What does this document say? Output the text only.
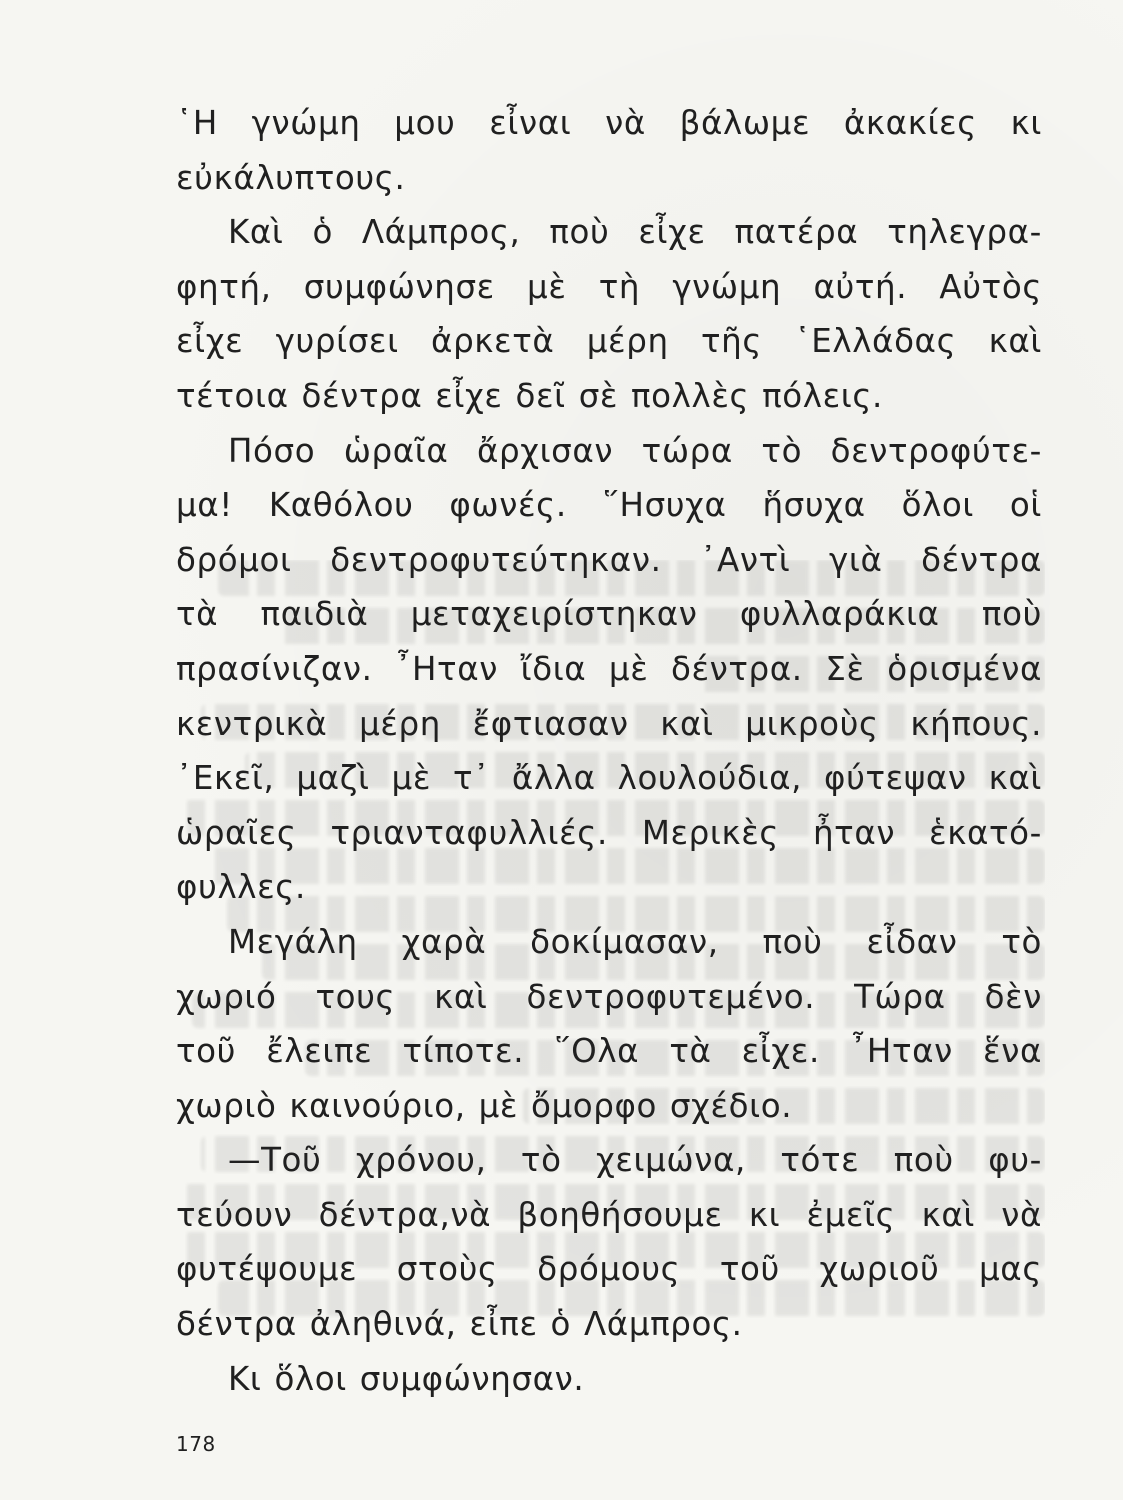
῾Η γνώμη μου εἶναι νὰ βάλωμε ἀκακίες κι
εὐκάλυπτους.
Καὶ ὁ Λάμπρος, ποὺ εἶχε πατέρα τηλεγρα-
φητή, συμφώνησε μὲ τὴ γνώμη αὐτή. Αὐτὸς
εἶχε γυρίσει ἀρκετὰ μέρη τῆς ῾Ελλάδας καὶ
τέτοια δέντρα εἶχε δεῖ σὲ πολλὲς πόλεις.
Πόσο ὡραῖα ἄρχισαν τώρα τὸ δεντροφύτε-
μα! Καθόλου φωνές. ῞Ησυχα ἥσυχα ὅλοι οἱ
δρόμοι δεντροφυτεύτηκαν. ᾿Αντὶ γιὰ δέντρα
τὰ παιδιὰ μεταχειρίστηκαν φυλλαράκια ποὺ
πρασίνιζαν. ῏Ηταν ἴδια μὲ δέντρα. Σὲ ὁρισμένα
κεντρικὰ μέρη ἔφτιασαν καὶ μικροὺς κήπους.
᾿Εκεῖ, μαζὶ μὲ τ᾿ ἄλλα λουλούδια, φύτεψαν καὶ
ὡραῖες τριανταφυλλιές. Μερικὲς ἦταν ἑκατό-
φυλλες.
Μεγάλη χαρὰ δοκίμασαν, ποὺ εἶδαν τὸ
χωριό τους καὶ δεντροφυτεμένο. Τώρα δὲν
τοῦ ἔλειπε τίποτε. ῞Ολα τὰ εἶχε. ῏Ηταν ἕνα
χωριὸ καινούριο, μὲ ὄμορφο σχέδιο.
—Τοῦ χρόνου, τὸ χειμώνα, τότε ποὺ φυ-
τεύουν δέντρα,νὰ βοηθήσουμε κι ἐμεῖς καὶ νὰ
φυτέψουμε στοὺς δρόμους τοῦ χωριοῦ μας
δέντρα ἀληθινά, εἶπε ὁ Λάμπρος.
Κι ὅλοι συμφώνησαν.
178
